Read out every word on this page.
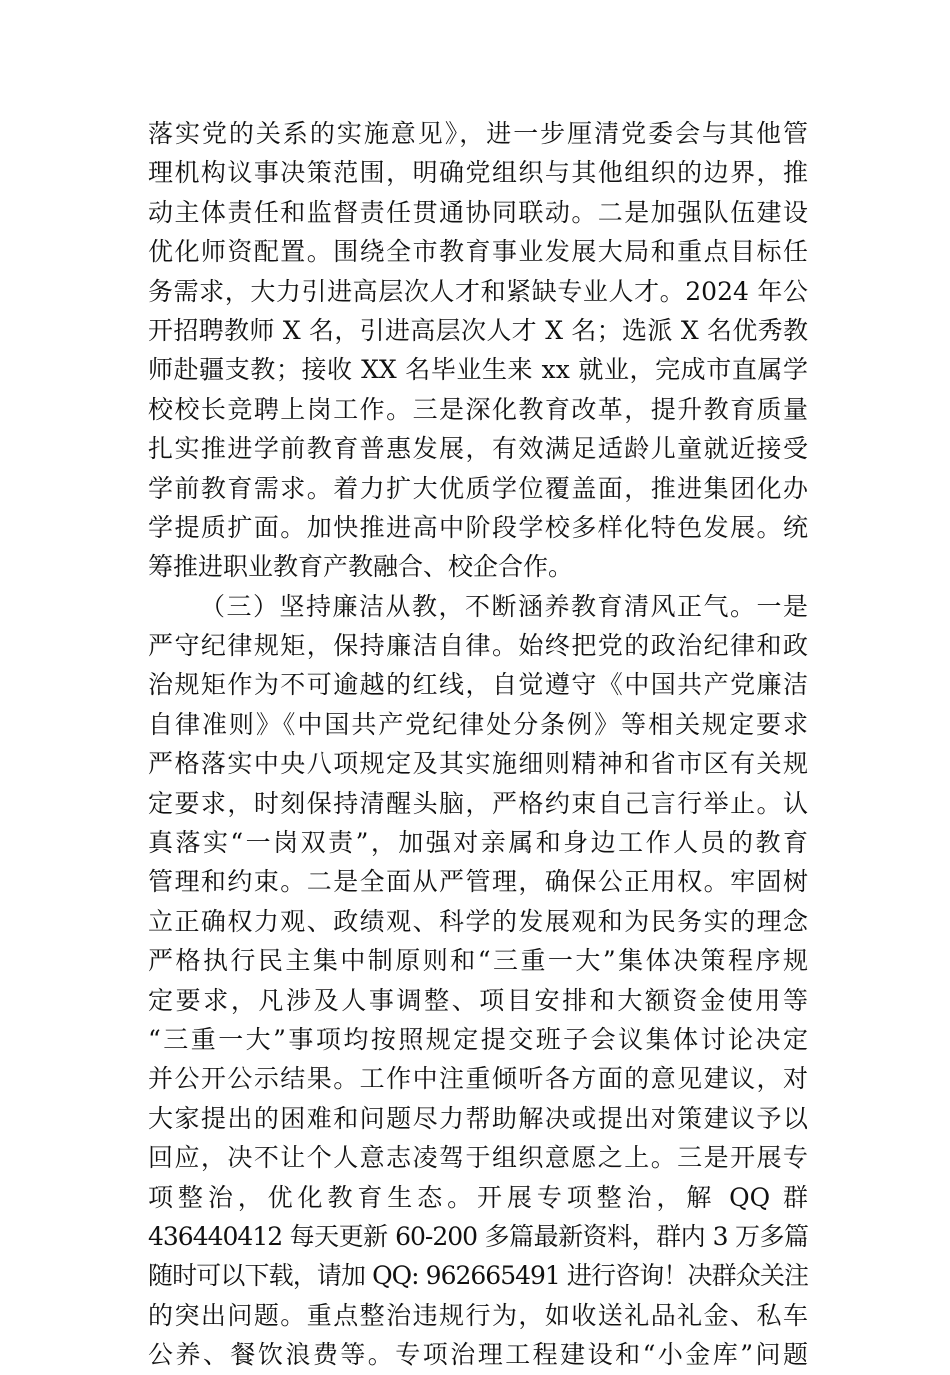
落实党的关系的实施意见》，进一步厘清党委会与其他管
理机构议事决策范围，明确党组织与其他组织的边界，推
动主体责任和监督责任贯通协同联动。二是加强队伍建设
优化师资配置。围绕全市教育事业发展大局和重点目标任
务需求，大力引进高层次人才和紧缺专业人才。2024 年公
开招聘教师 X 名，引进高层次人才 X 名；选派 X 名优秀教
师赴疆支教；接收 XX 名毕业生来 xx 就业，完成市直属学
校校长竞聘上岗工作。三是深化教育改革，提升教育质量
扎实推进学前教育普惠发展，有效满足适龄儿童就近接受
学前教育需求。着力扩大优质学位覆盖面，推进集团化办
学提质扩面。加快推进高中阶段学校多样化特色发展。统
筹推进职业教育产教融合、校企合作。
（三）坚持廉洁从教，不断涵养教育清风正气。一是
严守纪律规矩，保持廉洁自律。始终把党的政治纪律和政
治规矩作为不可逾越的红线，自觉遵守《中国共产党廉洁
自律准则》《中国共产党纪律处分条例》等相关规定要求
严格落实中央八项规定及其实施细则精神和省市区有关规
定要求，时刻保持清醒头脑，严格约束自己言行举止。认
真落实“一岗双责”，加强对亲属和身边工作人员的教育
管理和约束。二是全面从严管理，确保公正用权。牢固树
立正确权力观、政绩观、科学的发展观和为民务实的理念
严格执行民主集中制原则和“三重一大”集体决策程序规
定要求，凡涉及人事调整、项目安排和大额资金使用等
“三重一大”事项均按照规定提交班子会议集体讨论决定
并公开公示结果。工作中注重倾听各方面的意见建议，对
大家提出的困难和问题尽力帮助解决或提出对策建议予以
回应，决不让个人意志凌驾于组织意愿之上。三是开展专
项整治，优化教育生态。开展专项整治，解 QQ 群
436440412 每天更新 60-200 多篇最新资料，群内 3 万多篇
随时可以下载，请加 QQ: 962665491 进行咨询！决群众关注
的突出问题。重点整治违规行为，如收送礼品礼金、私车
公养、餐饮浪费等。专项治理工程建设和“小金库”问题
